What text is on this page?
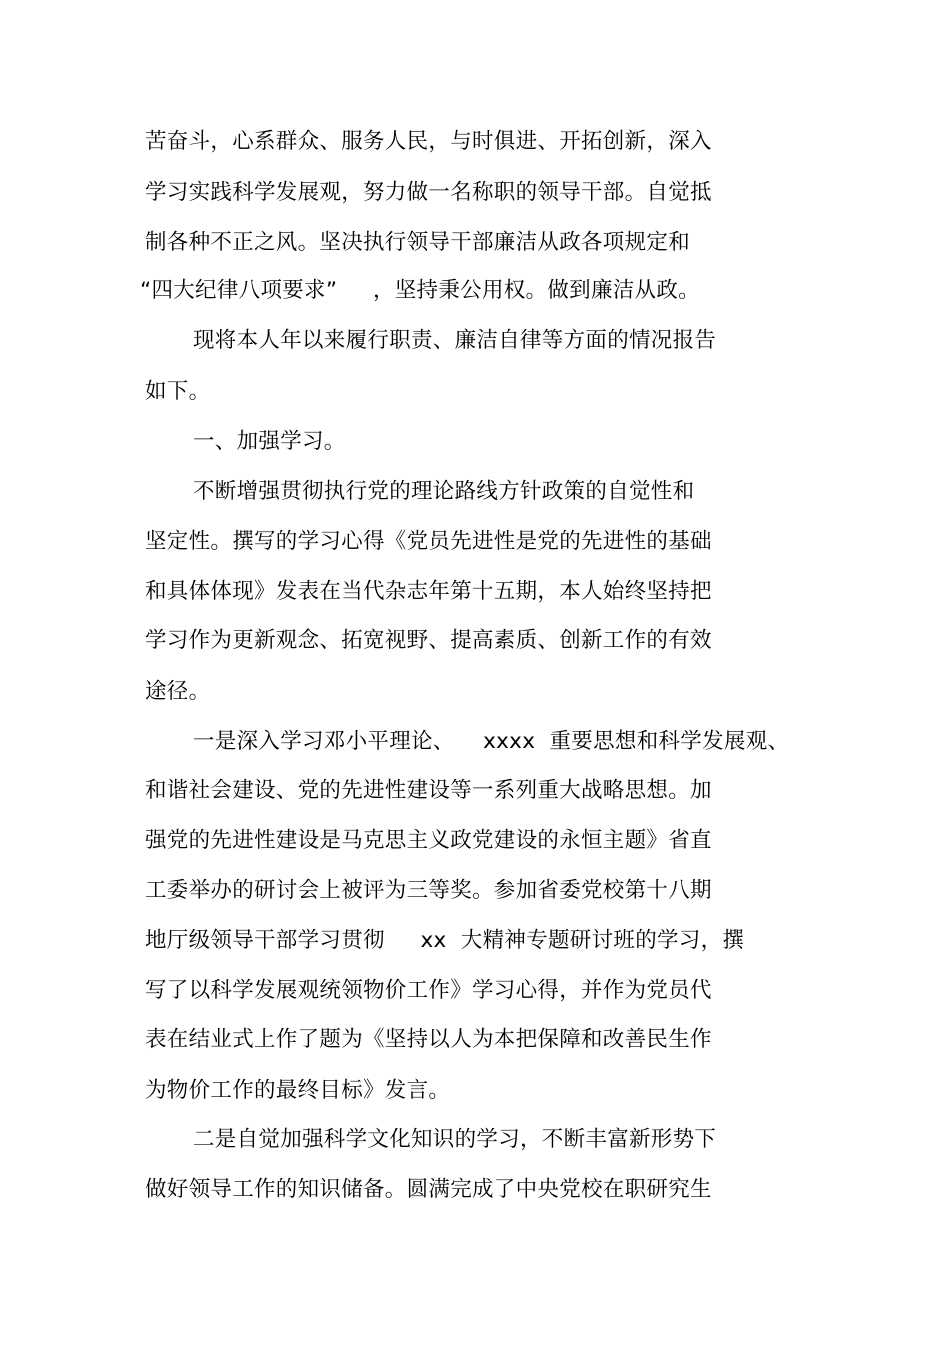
苦奋斗，心系群众、服务人民，与时俱进、开拓创新，深入
学习实践科学发展观，努力做一名称职的领导干部。自觉抵
制各种不正之风。坚决执行领导干部廉洁从政各项规定和
“四大纪律八项要求”     ，坚持秉公用权。做到廉洁从政。
现将本人年以来履行职责、廉洁自律等方面的情况报告
如下。
一、加强学习。
不断增强贯彻执行党的理论路线方针政策的自觉性和
坚定性。撰写的学习心得《党员先进性是党的先进性的基础
和具体体现》发表在当代杂志年第十五期，本人始终坚持把
学习作为更新观念、拓宽视野、提高素质、创新工作的有效
途径。
一是深入学习邓小平理论、    xxxx  重要思想和科学发展观、
和谐社会建设、党的先进性建设等一系列重大战略思想。加
强党的先进性建设是马克思主义政党建设的永恒主题》省直
工委举办的研讨会上被评为三等奖。参加省委党校第十八期
地厅级领导干部学习贯彻     xx  大精神专题研讨班的学习，撰
写了以科学发展观统领物价工作》学习心得，并作为党员代
表在结业式上作了题为《坚持以人为本把保障和改善民生作
为物价工作的最终目标》发言。
二是自觉加强科学文化知识的学习，不断丰富新形势下
做好领导工作的知识储备。圆满完成了中央党校在职研究生
